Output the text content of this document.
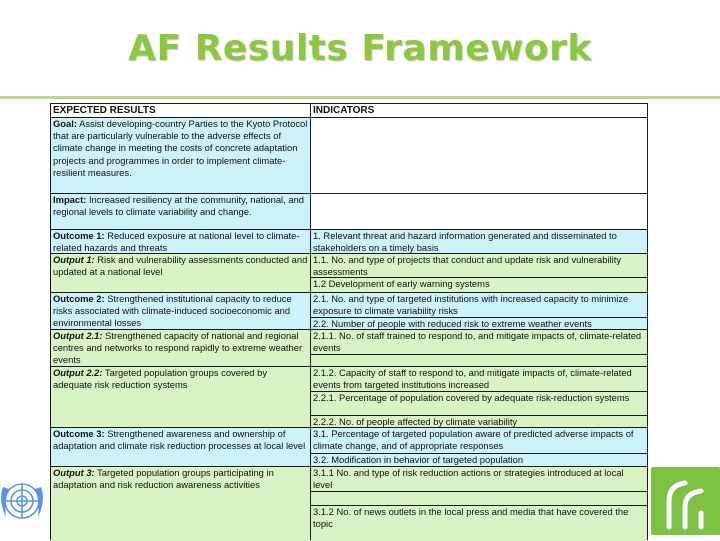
AF Results Framework
EXPECTED RESULTS
Goal: Assist developing-country Parties to the Kyoto Protocol that are particularly vulnerable to the adverse effects of climate change in meeting the costs of concrete adaptation projects and programmes in order to implement climate-resilient measures.
Impact: Increased resiliency at the community, national, and regional levels to climate variability and change.
Outcome 1: Reduced exposure at national level to climate-related hazards and threats
Output 1: Risk and vulnerability assessments conducted and updated at a national level
Outcome 2: Strengthened institutional capacity to reduce risks associated with climate-induced socioeconomic and environmental losses
Output 2.1: Strengthened capacity of national and regional centres and networks to respond rapidly to extreme weather events
Output 2.2: Targeted population groups covered by adequate risk reduction systems
Outcome 3: Strengthened awareness and ownership of adaptation and climate risk reduction processes at local level
Output 3: Targeted population groups participating in adaptation and risk reduction awareness activities
INDICATORS
1. Relevant threat and hazard information generated and disseminated to stakeholders on a timely basis
1.1. No. and type of projects that conduct and update risk and vulnerability assessments
1.2 Development of early warning systems
2.1. No. and type of targeted institutions with increased capacity to minimize exposure to climate variability risks
2.2. Number of people with reduced risk to extreme weather events
2.1.1. No. of staff trained to respond to, and mitigate impacts of, climate-related events
2.1.2. Capacity of staff to respond to, and mitigate impacts of, climate-related events from targeted institutions increased
2.2.1. Percentage of population covered by adequate risk-reduction systems
2.2.2. No. of people affected by climate variability
3.1. Percentage of targeted population aware of predicted adverse impacts of climate change, and of appropriate responses
3.2. Modification in behavior of targeted population
3.1.1 No. and type of risk reduction actions or strategies introduced at local level
3.1.2 No. of news outlets in the local press and media that have covered the topic
